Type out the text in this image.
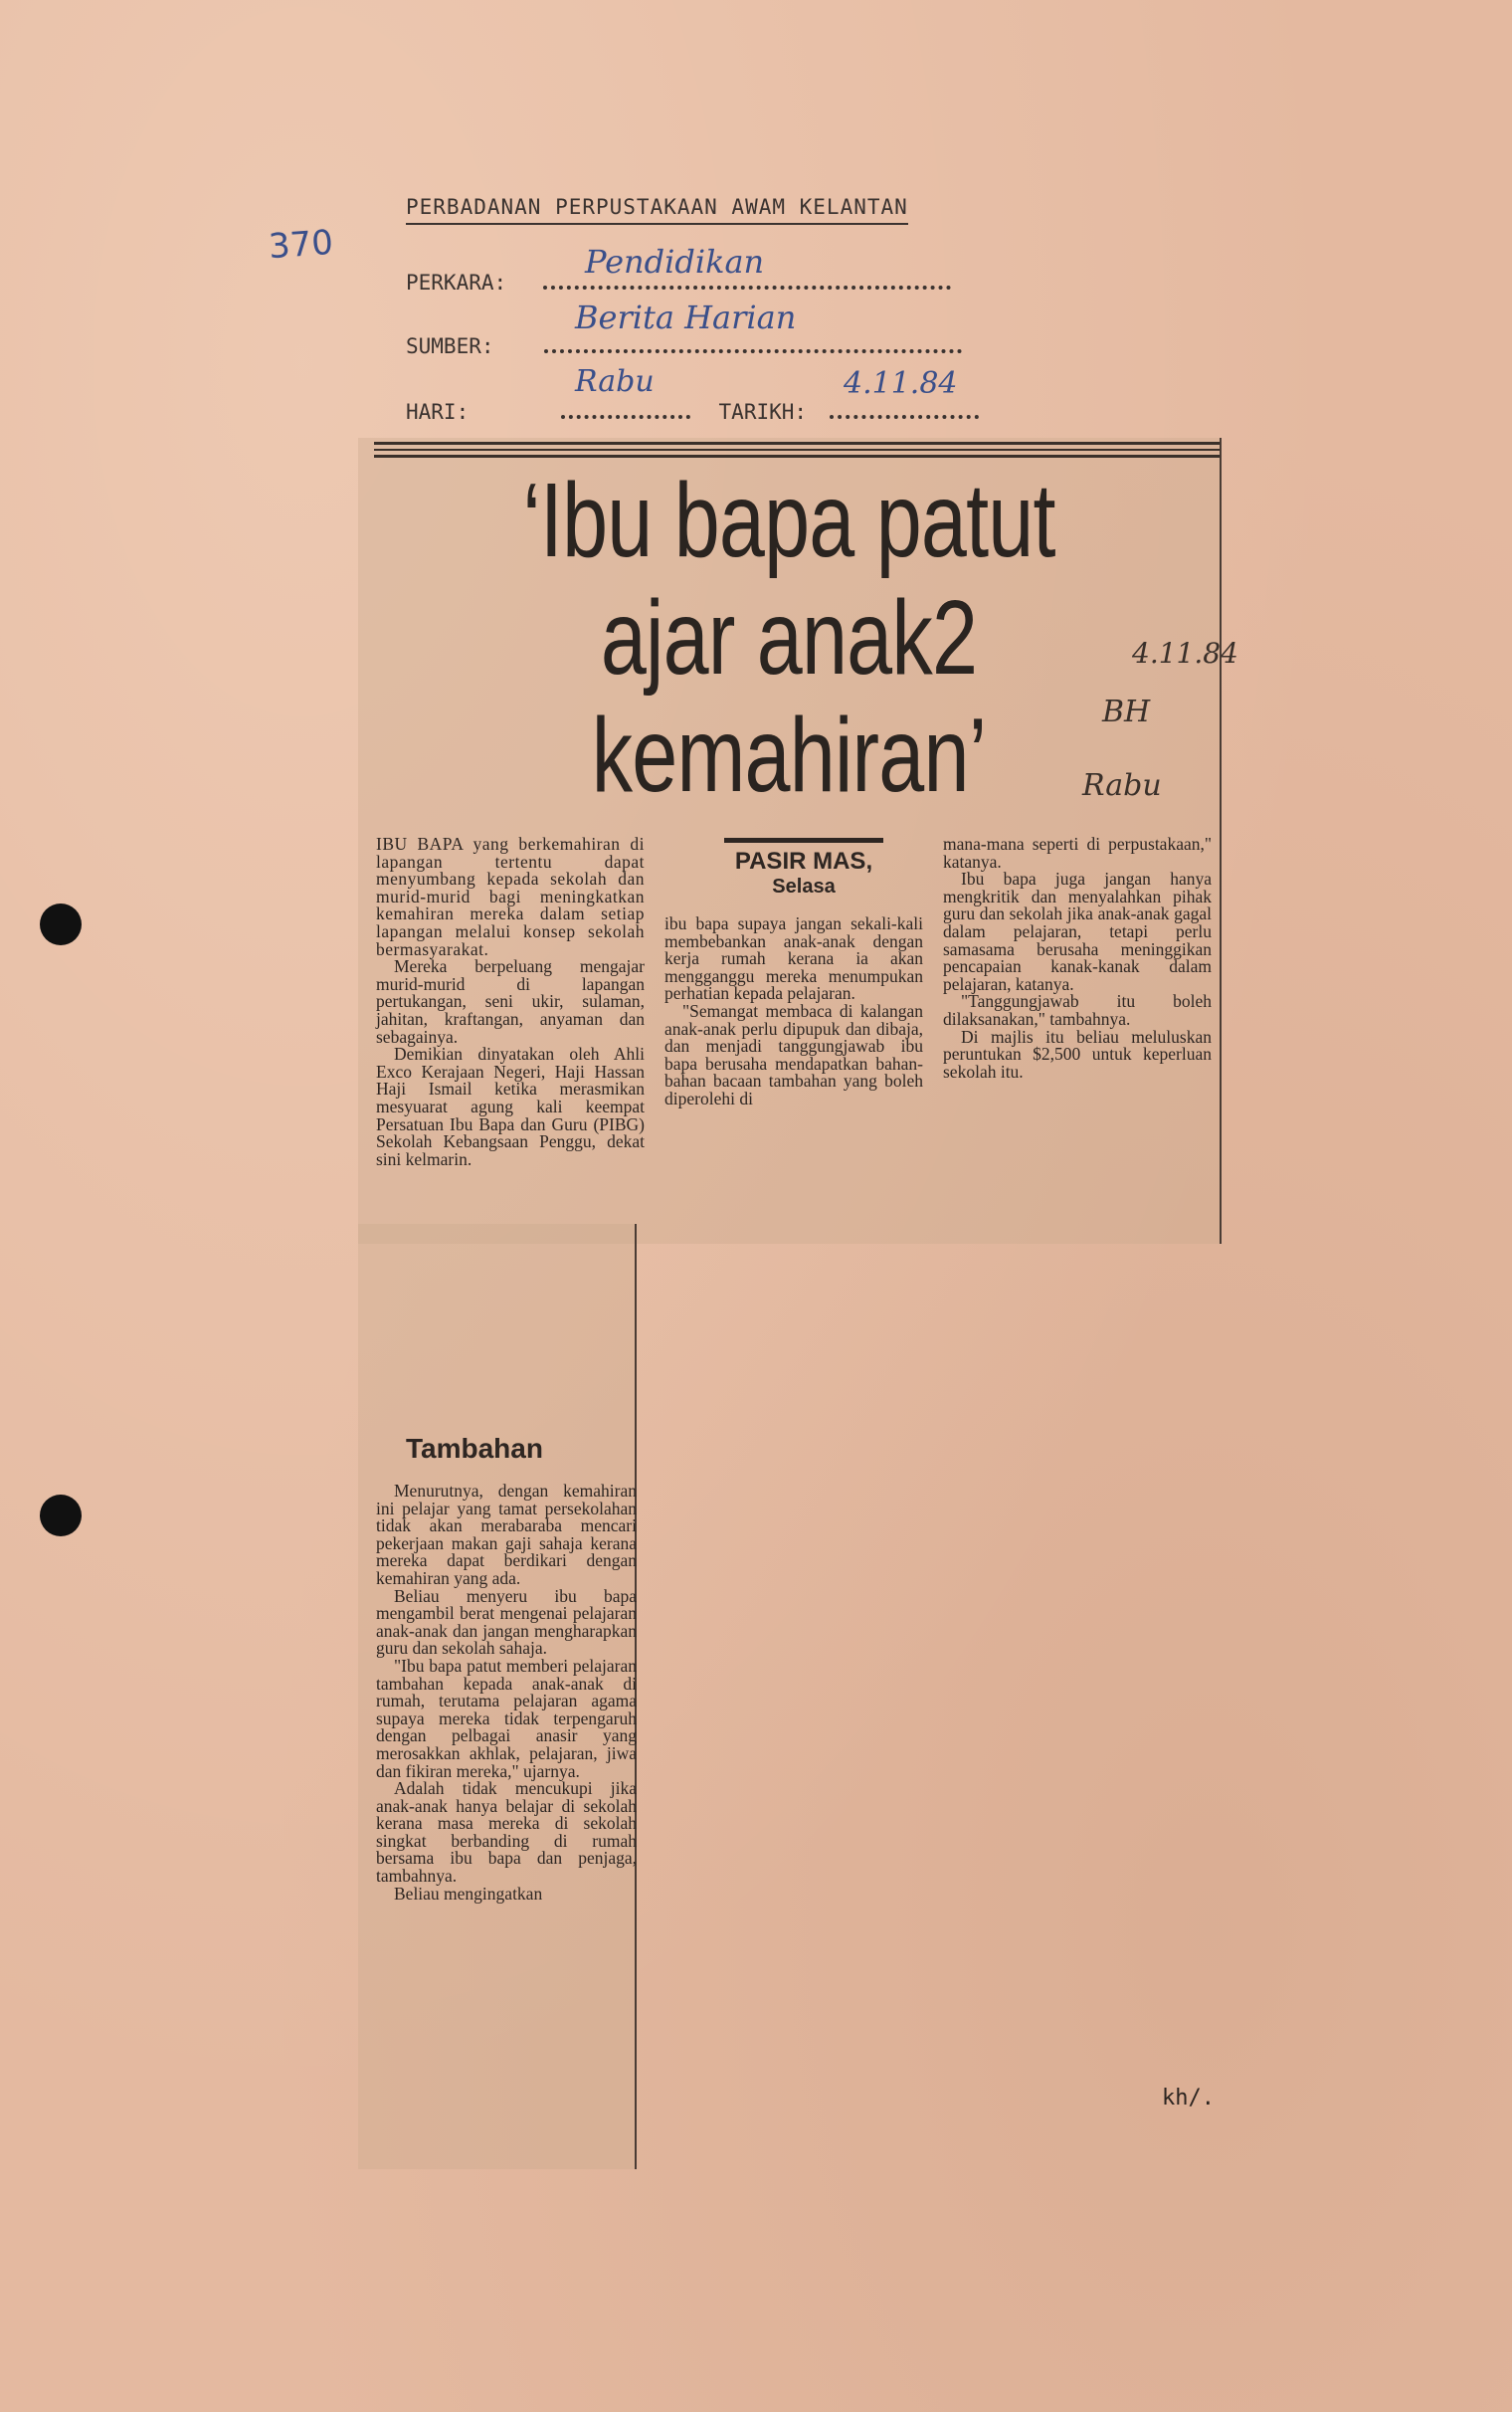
370
PERBADANAN PERPUSTAKAAN AWAM KELANTAN
PERKARA:
Pendidikan
SUMBER:
Berita Harian
HARI:	TARIKH:
Rabu	4.11.84
‘Ibu bapa patut
ajar anak2
kemahiran’

IBU BAPA yang berkemahiran di lapangan tertentu dapat menyumbang kepada sekolah dan murid-murid bagi meningkatkan kemahiran mereka dalam setiap lapangan melalui konsep sekolah bermasyarakat.

Mereka berpeluang mengajar murid-murid di lapangan pertukangan, seni ukir, sulaman, jahitan, kraftangan, anyaman dan sebagainya.

Demikian dinyatakan oleh Ahli Exco Kerajaan Negeri, Haji Hassan Haji Ismail ketika merasmikan mesyuarat agung kali keempat Persatuan Ibu Bapa dan Guru (PIBG) Sekolah Kebangsaan Penggu, dekat sini kelmarin.

Tambahan

Menurutnya, dengan kemahiran ini pelajar yang tamat persekolahan tidak akan merabaraba mencari pekerjaan makan gaji sahaja kerana mereka dapat berdikari dengan kemahiran yang ada.

Beliau menyeru ibu bapa mengambil berat mengenai pelajaran anak-anak dan jangan mengharapkan guru dan sekolah sahaja.

"Ibu bapa patut memberi pelajaran tambahan kepada anak-anak di rumah, terutama pelajaran agama supaya mereka tidak terpengaruh dengan pelbagai anasir yang merosakkan akhlak, pelajaran, jiwa dan fikiran mereka," ujarnya.

Adalah tidak mencukupi jika anak-anak hanya belajar di sekolah kerana masa mereka di sekolah singkat berbanding di rumah bersama ibu bapa dan penjaga, tambahnya.

Beliau mengingatkan

PASIR MAS,
Selasa

ibu bapa supaya jangan sekali-kali membebankan anak-anak dengan kerja rumah kerana ia akan mengganggu mereka menumpukan perhatian kepada pelajaran.

"Semangat membaca di kalangan anak-anak perlu dipupuk dan dibaja, dan menjadi tanggungjawab ibu bapa berusaha mendapatkan bahan-bahan bacaan tambahan yang boleh diperolehi di

mana-mana seperti di perpustakaan," katanya.

Ibu bapa juga jangan hanya mengkritik dan menyalahkan pihak guru dan sekolah jika anak-anak gagal dalam pelajaran, tetapi perlu samasama berusaha meninggikan pencapaian kanak-kanak dalam pelajaran, katanya.

"Tanggungjawab itu boleh dilaksanakan," tambahnya.

Di majlis itu beliau meluluskan peruntukan $2,500 untuk keperluan sekolah itu.

4.11.84
BH
Rabu
kh/.
